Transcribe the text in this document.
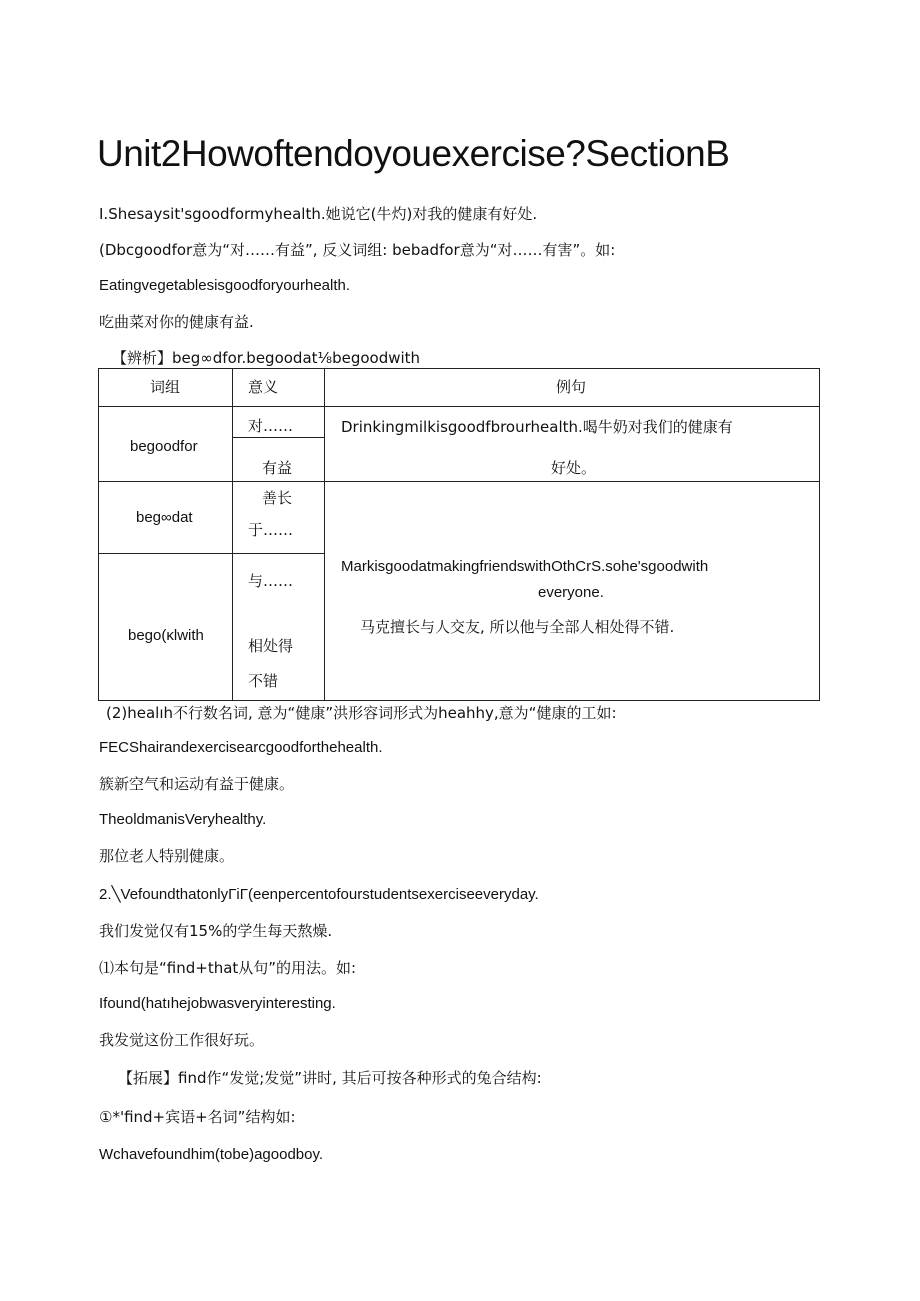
Unit2Howoftendoyouexercise?SectionB
I.Shesaysit'sgoodformyhealth.她说它(牛灼)对我的健康有好处.
(Dbcgoodfor意为“对……有益”, 反义词组: bebadfor意为“对……有害”。如:
Eatingvegetablesisgoodforyourhealth.
吃曲菜对你的健康有益.
【辨析】beg∞dfor.begoodat⅛begoodwith
词组	意义	例句
begoodfor
对……
有益
Drinkingmilkisgoodfbrourhealth.喝牛奶对我们的健康有
好处。
beg∞dat
善长
于……
bego(κlwith
与……
相处得
不错
MarkisgoodatmakingfriendswithOthCrS.sohe'sgoodwith
everyone.
马克擅长与人交友, 所以他与全部人相处得不错.
(2)healıh不行数名词, 意为“健康”洪形容词形式为heahhy,意为“健康的工如:
FECShairandexercisearcgoodforthehealth.
簇新空气和运动有益于健康。
TheoldmanisVeryhealthy.
那位老人特别健康。
2.╲VefoundthatonlyΓiΓ(eenpercentofourstudentsexerciseeveryday.
我们发觉仅有15%的学生每天熬燥.
⑴本句是“find+that从句”的用法。如:
Ifound(hatıhejobwasveryinteresting.
我发觉这份工作很好玩。
【拓展】find作“发觉;发觉”讲时, 其后可按各种形式的兔合结构:
①*'find+宾语+名词”结构如:
Wchavefoundhim(tobe)agoodboy.
